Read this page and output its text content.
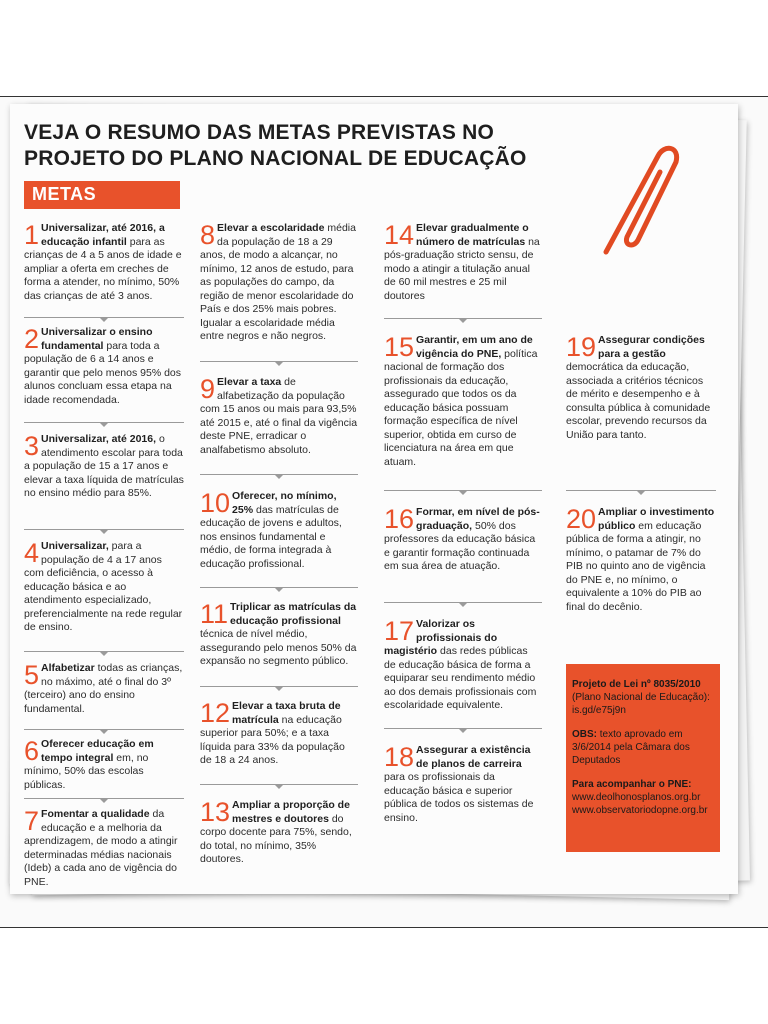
VEJA O RESUMO DAS METAS PREVISTAS NO
PROJETO DO PLANO NACIONAL DE EDUCAÇÃO
METAS
1 Universalizar, até 2016, a educação infantil para as crianças de 4 a 5 anos de idade e ampliar a oferta em creches de forma a atender, no mínimo, 50% das crianças de até 3 anos.
2 Universalizar o ensino fundamental para toda a população de 6 a 14 anos e garantir que pelo menos 95% dos alunos concluam essa etapa na idade recomendada.
3 Universalizar, até 2016, o atendimento escolar para toda a população de 15 a 17 anos e elevar a taxa líquida de matrículas no ensino médio para 85%.
4 Universalizar, para a população de 4 a 17 anos com deficiência, o acesso à educação básica e ao atendimento especializado, preferencialmente na rede regular de ensino.
5 Alfabetizar todas as crianças, no máximo, até o final do 3º (terceiro) ano do ensino fundamental.
6 Oferecer educação em tempo integral em, no mínimo, 50% das escolas públicas.
7 Fomentar a qualidade da educação e a melhoria da aprendizagem, de modo a atingir determinadas médias nacionais (Ideb) a cada ano de vigência do PNE.
8 Elevar a escolaridade média da população de 18 a 29 anos, de modo a alcançar, no mínimo, 12 anos de estudo, para as populações do campo, da região de menor escolaridade do País e dos 25% mais pobres. Igualar a escolaridade média entre negros e não negros.
9 Elevar a taxa de alfabetização da população com 15 anos ou mais para 93,5% até 2015 e, até o final da vigência deste PNE, erradicar o analfabetismo absoluto.
10 Oferecer, no mínimo, 25% das matrículas de educação de jovens e adultos, nos ensinos fundamental e médio, de forma integrada à educação profissional.
11 Triplicar as matrículas da educação profissional técnica de nível médio, assegurando pelo menos 50% da expansão no segmento público.
12 Elevar a taxa bruta de matrícula na educação superior para 50%; e a taxa líquida para 33% da população de 18 a 24 anos.
13 Ampliar a proporção de mestres e doutores do corpo docente para 75%, sendo, do total, no mínimo, 35% doutores.
14 Elevar gradualmente o número de matrículas na pós-graduação stricto sensu, de modo a atingir a titulação anual de 60 mil mestres e 25 mil doutores
15 Garantir, em um ano de vigência do PNE, política nacional de formação dos profissionais da educação, assegurado que todos os da educação básica possuam formação específica de nível superior, obtida em curso de licenciatura na área em que atuam.
16 Formar, em nível de pós-graduação, 50% dos professores da educação básica e garantir formação continuada em sua área de atuação.
17 Valorizar os profissionais do magistério das redes públicas de educação básica de forma a equiparar seu rendimento médio ao dos demais profissionais com escolaridade equivalente.
18 Assegurar a existência de planos de carreira para os profissionais da educação básica e superior pública de todos os sistemas de ensino.
19 Assegurar condições para a gestão democrática da educação, associada a critérios técnicos de mérito e desempenho e à consulta pública à comunidade escolar, prevendo recursos da União para tanto.
20 Ampliar o investimento público em educação pública de forma a atingir, no mínimo, o patamar de 7% do PIB no quinto ano de vigência do PNE e, no mínimo, o equivalente a 10% do PIB ao final do decênio.

Projeto de Lei nº 8035/2010
(Plano Nacional de Educação):
is.gd/e75j9n

OBS: texto aprovado em 3/6/2014 pela Câmara dos Deputados

Para acompanhar o PNE:
www.deolhonosplanos.org.br
www.observatoriodopne.org.br
